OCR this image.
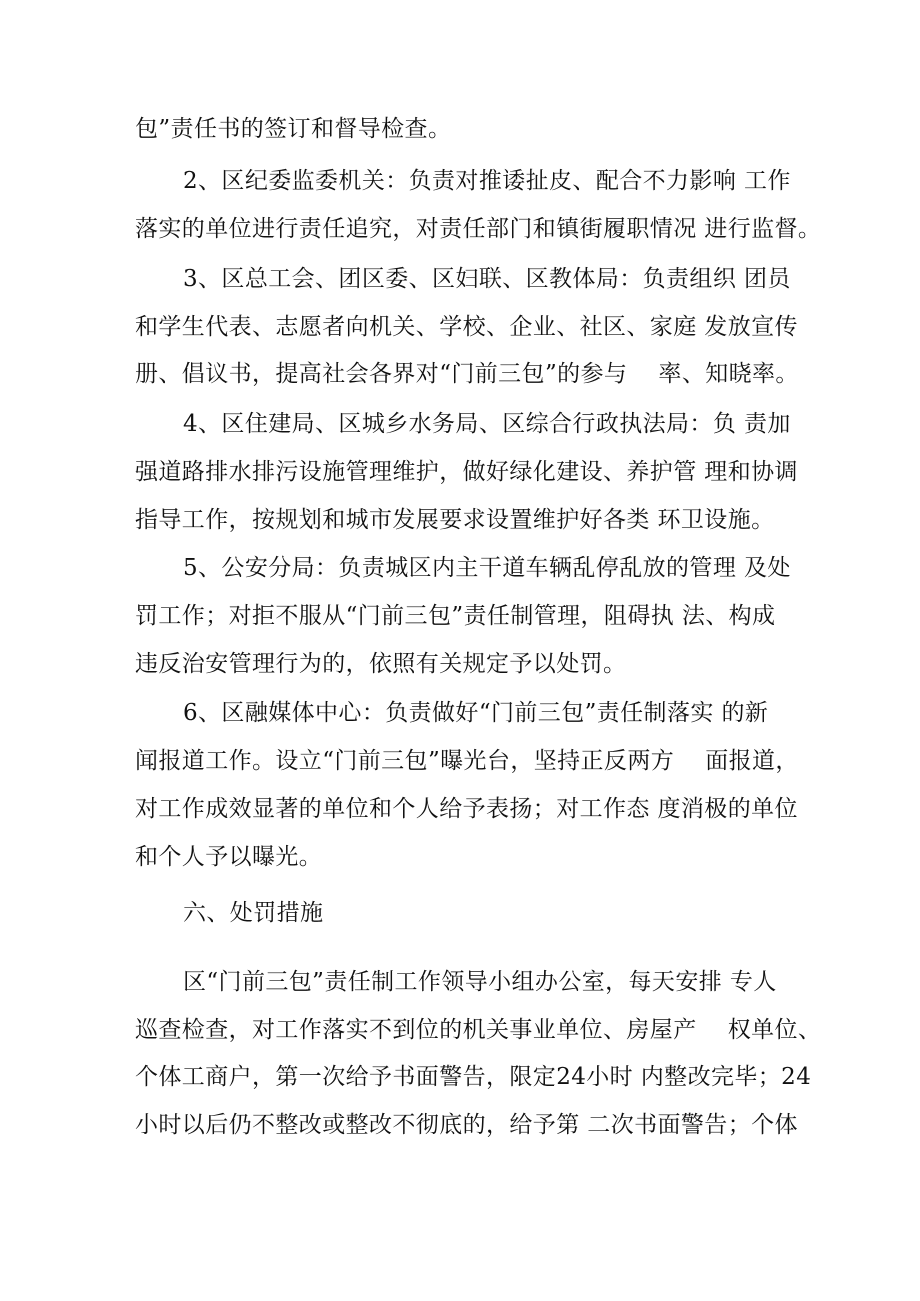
包”责任书的签订和督导检查。
2、区纪委监委机关：负责对推诿扯皮、配合不力影响 工作
落实的单位进行责任追究，对责任部门和镇街履职情况 进行监督。
3、区总工会、团区委、区妇联、区教体局：负责组织 团员
和学生代表、志愿者向机关、学校、企业、社区、家庭 发放宣传
册、倡议书，提高社会各界对“门前三包”的参与　 率、知晓率。
4、区住建局、区城乡水务局、区综合行政执法局：负 责加
强道路排水排污设施管理维护，做好绿化建设、养护管 理和协调
指导工作，按规划和城市发展要求设置维护好各类 环卫设施。
5、公安分局：负责城区内主干道车辆乱停乱放的管理 及处
罚工作；对拒不服从“门前三包”责任制管理，阻碍执 法、构成
违反治安管理行为的，依照有关规定予以处罚。
6、区融媒体中心：负责做好“门前三包”责任制落实 的新
闻报道工作。设立“门前三包”曝光台，坚持正反两方　 面报道，
对工作成效显著的单位和个人给予表扬；对工作态 度消极的单位
和个人予以曝光。
六、处罚措施
区“门前三包”责任制工作领导小组办公室，每天安排 专人
巡查检查，对工作落实不到位的机关事业单位、房屋产　 权单位、
个体工商户，第一次给予书面警告，限定24小时 内整改完毕；24
小时以后仍不整改或整改不彻底的，给予第 二次书面警告；个体
